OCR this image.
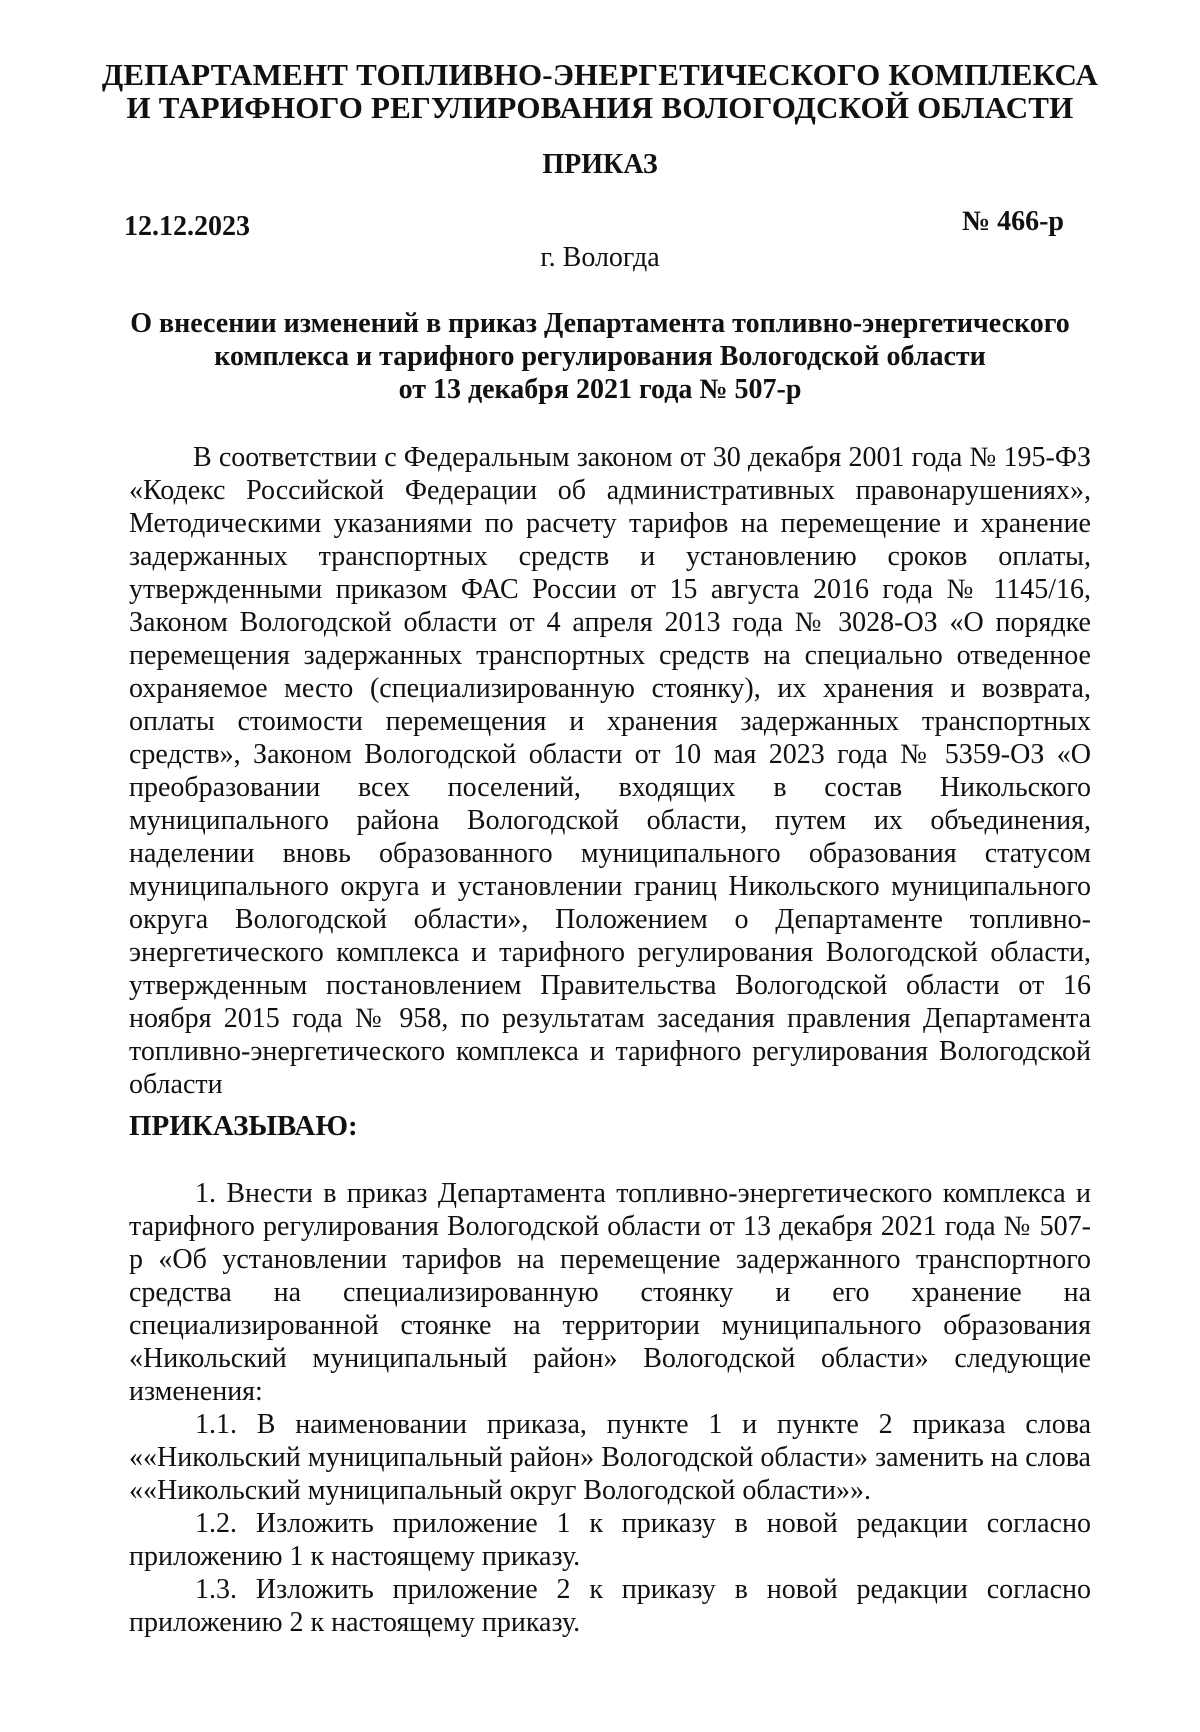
ДЕПАРТАМЕНТ ТОПЛИВНО-ЭНЕРГЕТИЧЕСКОГО КОМПЛЕКСА
И ТАРИФНОГО РЕГУЛИРОВАНИЯ ВОЛОГОДСКОЙ ОБЛАСТИ
ПРИКАЗ
12.12.2023	№ 466-р
г. Вологда
О внесении изменений в приказ Департамента топливно-энергетического
комплекса и тарифного регулирования Вологодской области
от 13 декабря 2021 года № 507-р

В соответствии с Федеральным законом от 30 декабря 2001 года № 195-ФЗ «Кодекс Российской Федерации об административных правонарушениях», Методическими указаниями по расчету тарифов на перемещение и хранение задержанных транспортных средств и установлению сроков оплаты, утвержденными приказом ФАС России от 15 августа 2016 года № 1145/16, Законом Вологодской области от 4 апреля 2013 года № 3028-ОЗ «О порядке перемещения задержанных транспортных средств на специально отведенное охраняемое место (специализированную стоянку), их хранения и возврата, оплаты стоимости перемещения и хранения задержанных транспортных средств», Законом Вологодской области от 10 мая 2023 года № 5359-ОЗ «О преобразовании всех поселений, входящих в состав Никольского муниципального района Вологодской области, путем их объединения, наделении вновь образованного муниципального образования статусом муниципального округа и установлении границ Никольского муниципального округа Вологодской области», Положением о Департаменте топливно-энергетического комплекса и тарифного регулирования Вологодской области, утвержденным постановлением Правительства Вологодской области от 16 ноября 2015 года № 958, по результатам заседания правления Департамента топливно-энергетического комплекса и тарифного регулирования Вологодской области

ПРИКАЗЫВАЮ:

1. Внести в приказ Департамента топливно-энергетического комплекса и тарифного регулирования Вологодской области от 13 декабря 2021 года № 507-р «Об установлении тарифов на перемещение задержанного транспортного средства на специализированную стоянку и его хранение на специализированной стоянке на территории муниципального образования «Никольский муниципальный район» Вологодской области» следующие изменения:

1.1. В наименовании приказа, пункте 1 и пункте 2 приказа слова ««Никольский муниципальный район» Вологодской области» заменить на слова ««Никольский муниципальный округ Вологодской области»».

1.2. Изложить приложение 1 к приказу в новой редакции согласно приложению 1 к настоящему приказу.

1.3. Изложить приложение 2 к приказу в новой редакции согласно приложению 2 к настоящему приказу.
